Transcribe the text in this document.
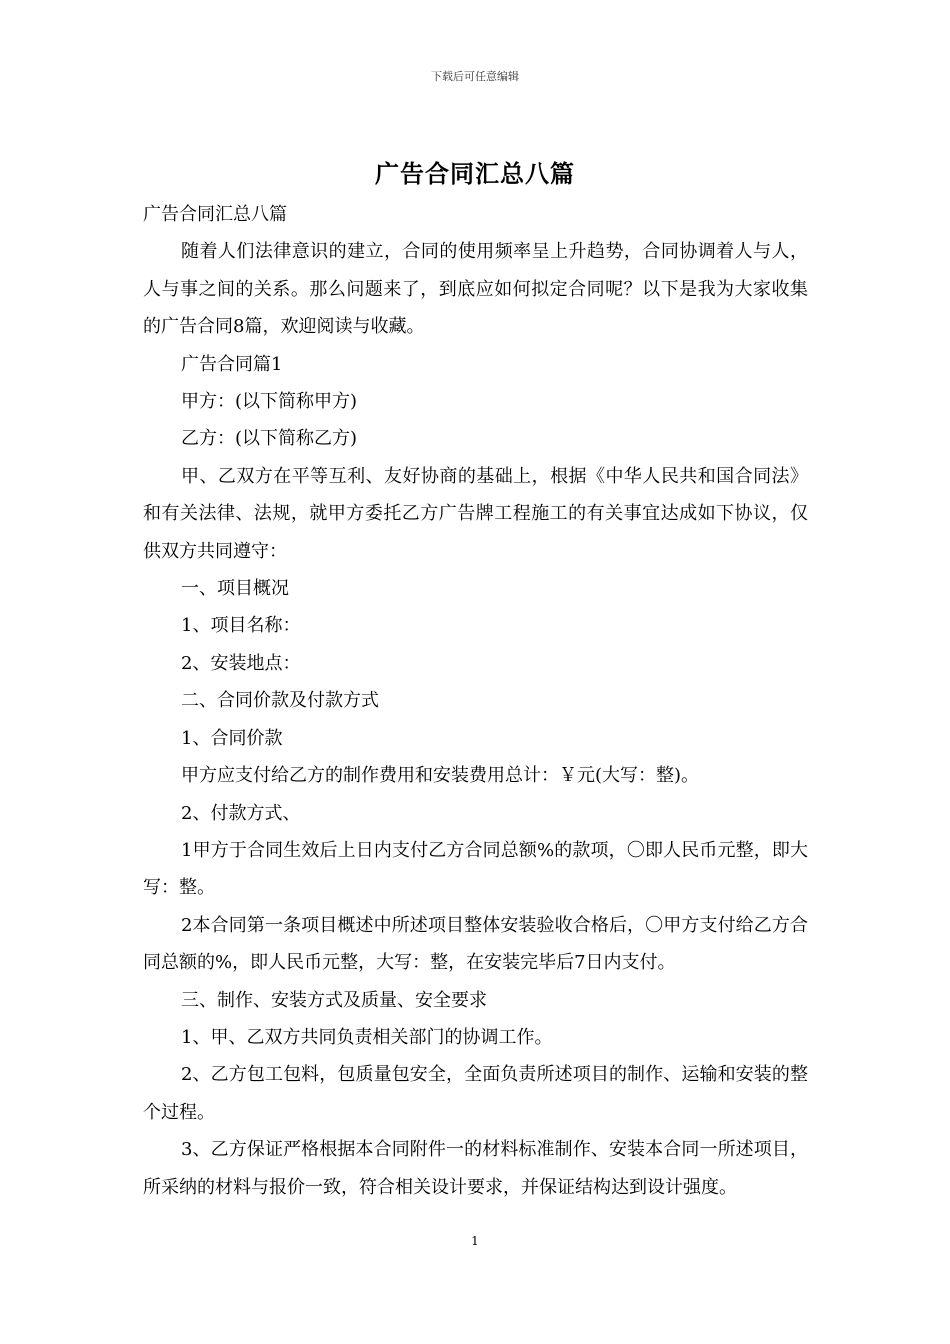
下载后可任意编辑
广告合同汇总八篇

广告合同汇总八篇

随着人们法律意识的建立，合同的使用频率呈上升趋势，合同协调着人与人，人与事之间的关系。那么问题来了，到底应如何拟定合同呢？以下是我为大家收集的广告合同8篇，欢迎阅读与收藏。

广告合同篇1

甲方：(以下简称甲方)

乙方：(以下简称乙方)

甲、乙双方在平等互利、友好协商的基础上，根据《中华人民共和国合同法》和有关法律、法规，就甲方委托乙方广告牌工程施工的有关事宜达成如下协议，仅供双方共同遵守：

一、项目概况

1、项目名称：

2、安装地点：

二、合同价款及付款方式

1、合同价款

甲方应支付给乙方的制作费用和安装费用总计：￥元(大写：整)。

2、付款方式、

1甲方于合同生效后上日内支付乙方合同总额%的款项，〇即人民币元整，即大写：整。

2本合同第一条项目概述中所述项目整体安装验收合格后，〇甲方支付给乙方合同总额的%，即人民币元整，大写：整，在安装完毕后7日内支付。

三、制作、安装方式及质量、安全要求

1、甲、乙双方共同负责相关部门的协调工作。

2、乙方包工包料，包质量包安全，全面负责所述项目的制作、运输和安装的整个过程。

3、乙方保证严格根据本合同附件一的材料标准制作、安装本合同一所述项目，所采纳的材料与报价一致，符合相关设计要求，并保证结构达到设计强度。

1
